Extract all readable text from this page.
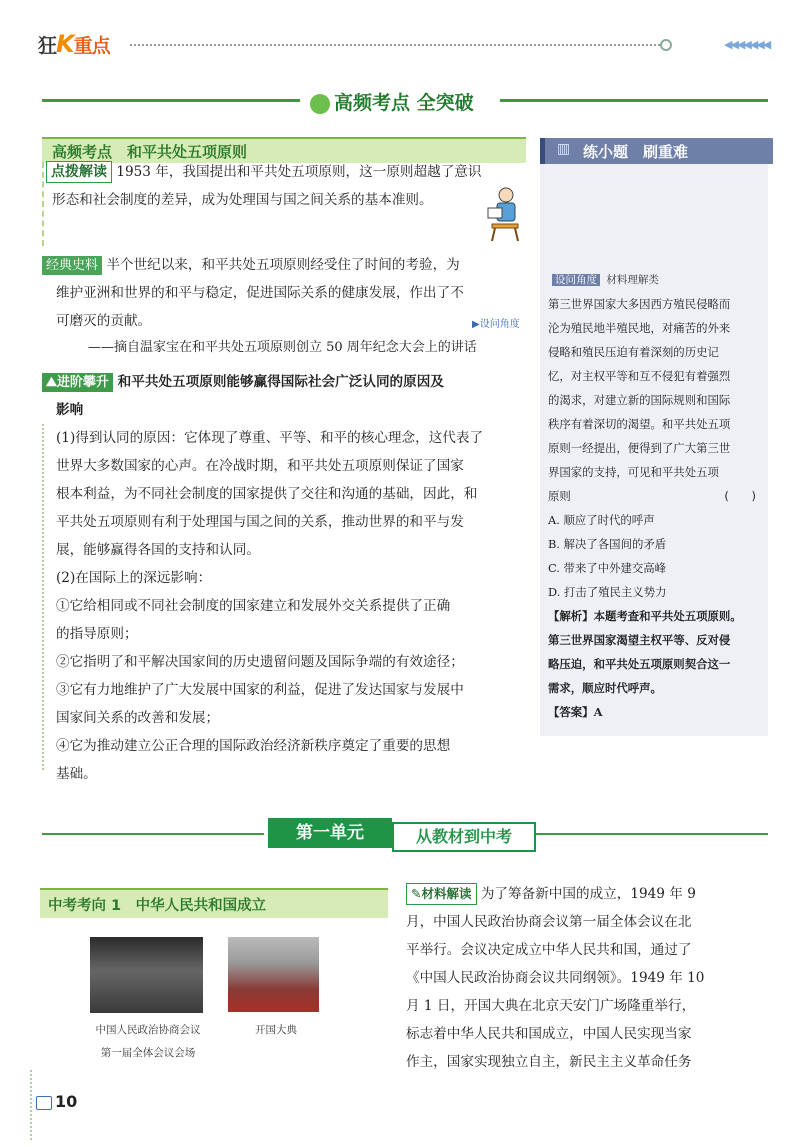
狂K重点	◀◀◀◀◀◀◀
高频考点 全突破
高频考点　和平共处五项原则
点拨解读 1953 年，我国提出和平共处五项原则，这一原则超越了意识
形态和社会制度的差异，成为处理国与国之间关系的基本准则。
经典史料 半个世纪以来，和平共处五项原则经受住了时间的考验，为
维护亚洲和世界的和平与稳定，促进国际关系的健康发展，作出了不
可磨灭的贡献。	▶设问角度
——摘自温家宝在和平共处五项原则创立 50 周年纪念大会上的讲话
⛰进阶攀升 和平共处五项原则能够赢得国际社会广泛认同的原因及
影响
(1)得到认同的原因：它体现了尊重、平等、和平的核心理念，这代表了
世界大多数国家的心声。在冷战时期，和平共处五项原则保证了国家
根本利益，为不同社会制度的国家提供了交往和沟通的基础，因此，和
平共处五项原则有利于处理国与国之间的关系，推动世界的和平与发
展，能够赢得各国的支持和认同。
(2)在国际上的深远影响：
①它给相同或不同社会制度的国家建立和发展外交关系提供了正确
的指导原则；
②它指明了和平解决国家间的历史遗留问题及国际争端的有效途径；
③它有力地维护了广大发展中国家的利益，促进了发达国家与发展中
国家间关系的改善和发展；
④它为推动建立公正合理的国际政治经济新秩序奠定了重要的思想
基础。
▥ 练小题　刷重难
设问角度 材料理解类
第三世界国家大多因西方殖民侵略而
沦为殖民地半殖民地，对痛苦的外来
侵略和殖民压迫有着深刻的历史记
忆，对主权平等和互不侵犯有着强烈
的渴求，对建立新的国际规则和国际
秩序有着深切的渴望。和平共处五项
原则一经提出，便得到了广大第三世
界国家的支持，可见和平共处五项
原则	(　　)
A. 顺应了时代的呼声
B. 解决了各国间的矛盾
C. 带来了中外建交高峰
D. 打击了殖民主义势力
【解析】本题考查和平共处五项原则。
第三世界国家渴望主权平等、反对侵
略压迫，和平共处五项原则契合这一
需求，顺应时代呼声。
【答案】A
第一单元	从教材到中考
中考考向 1　中华人民共和国成立
中国人民政治协商会议
第一届全体会议会场
开国大典
✎材料解读 为了筹备新中国的成立，1949 年 9
月，中国人民政治协商会议第一届全体会议在北
平举行。会议决定成立中华人民共和国，通过了
《中国人民政治协商会议共同纲领》。1949 年 10
月 1 日，开国大典在北京天安门广场隆重举行，
标志着中华人民共和国成立，中国人民实现当家
作主，国家实现独立自主，新民主主义革命任务
10
